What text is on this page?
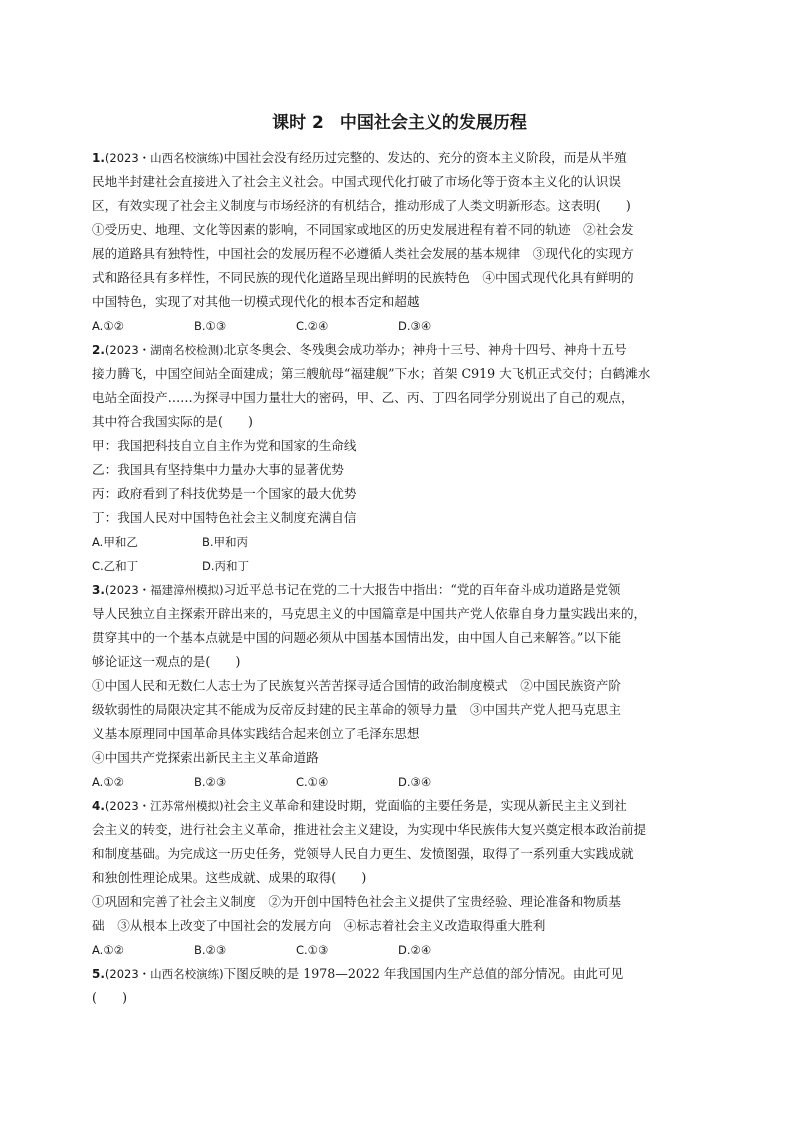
课时 2 中国社会主义的发展历程

1.(2023・山西名校演练)中国社会没有经历过完整的、发达的、充分的资本主义阶段，而是从半殖

民地半封建社会直接进入了社会主义社会。中国式现代化打破了市场化等于资本主义化的认识误

区，有效实现了社会主义制度与市场经济的有机结合，推动形成了人类文明新形态。这表明(　　)

①受历史、地理、文化等因素的影响，不同国家或地区的历史发展进程有着不同的轨迹　②社会发

展的道路具有独特性，中国社会的发展历程不必遵循人类社会发展的基本规律　③现代化的实现方

式和路径具有多样性，不同民族的现代化道路呈现出鲜明的民族特色　④中国式现代化具有鲜明的

中国特色，实现了对其他一切模式现代化的根本否定和超越

A.①②	B.①③	C.②④	D.③④

2.(2023・湖南名校检测)北京冬奥会、冬残奥会成功举办；神舟十三号、神舟十四号、神舟十五号

接力腾飞，中国空间站全面建成；第三艘航母“福建舰”下水；首架 C919 大飞机正式交付；白鹤滩水

电站全面投产……为探寻中国力量壮大的密码，甲、乙、丙、丁四名同学分别说出了自己的观点，

其中符合我国实际的是(　　)

甲：我国把科技自立自主作为党和国家的生命线

乙：我国具有坚持集中力量办大事的显著优势

丙：政府看到了科技优势是一个国家的最大优势

丁：我国人民对中国特色社会主义制度充满自信

A.甲和乙	B.甲和丙

C.乙和丁	D.丙和丁

3.(2023・福建漳州模拟)习近平总书记在党的二十大报告中指出：“党的百年奋斗成功道路是党领

导人民独立自主探索开辟出来的，马克思主义的中国篇章是中国共产党人依靠自身力量实践出来的，

贯穿其中的一个基本点就是中国的问题必须从中国基本国情出发，由中国人自己来解答。”以下能

够论证这一观点的是(　　)

①中国人民和无数仁人志士为了民族复兴苦苦探寻适合国情的政治制度模式　②中国民族资产阶

级软弱性的局限决定其不能成为反帝反封建的民主革命的领导力量　③中国共产党人把马克思主

义基本原理同中国革命具体实践结合起来创立了毛泽东思想

④中国共产党探索出新民主主义革命道路

A.①②	B.②③	C.①④	D.③④

4.(2023・江苏常州模拟)社会主义革命和建设时期，党面临的主要任务是，实现从新民主主义到社

会主义的转变，进行社会主义革命，推进社会主义建设，为实现中华民族伟大复兴奠定根本政治前提

和制度基础。为完成这一历史任务，党领导人民自力更生、发愤图强，取得了一系列重大实践成就

和独创性理论成果。这些成就、成果的取得(　　)

①巩固和完善了社会主义制度　②为开创中国特色社会主义提供了宝贵经验、理论准备和物质基

础　③从根本上改变了中国社会的发展方向　④标志着社会主义改造取得重大胜利

A.①②	B.②③	C.①③	D.②④

5.(2023・山西名校演练)下图反映的是 1978—2022 年我国国内生产总值的部分情况。由此可见

(　　)
